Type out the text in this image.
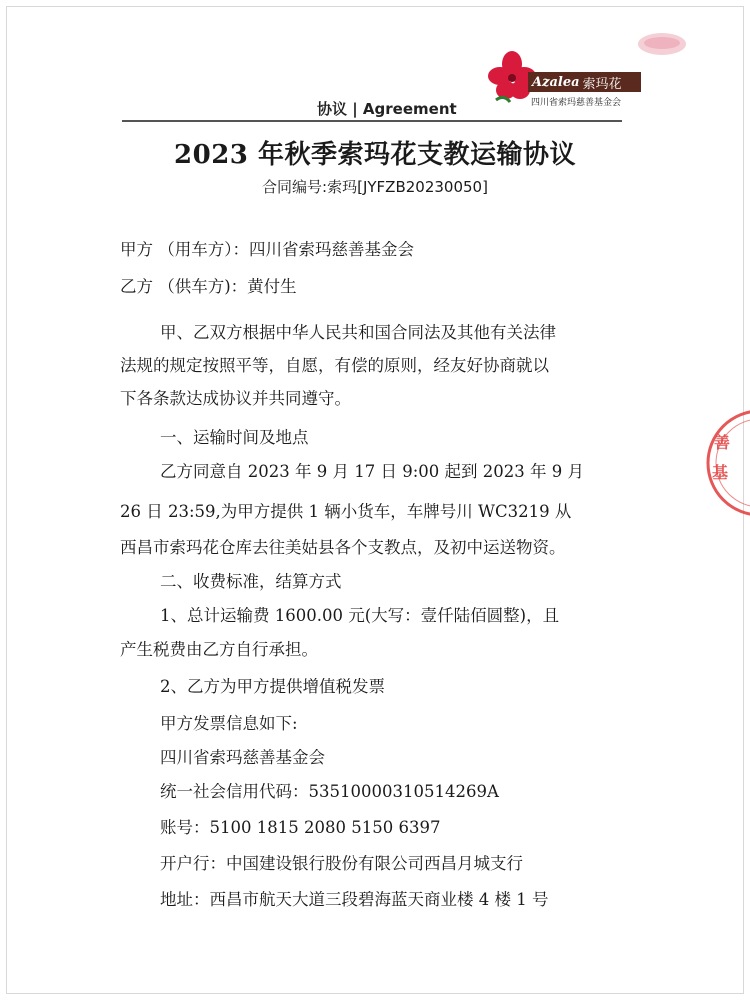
Azalea 索玛花
四川省索玛慈善基金会
协议 | Agreement
2023 年秋季索玛花支教运输协议
合同编号:索玛[JYFZB20230050]
甲方 （用车方）：四川省索玛慈善基金会
乙方 （供车方)：黄付生
甲、乙双方根据中华人民共和国合同法及其他有关法律
法规的规定按照平等，自愿，有偿的原则，经友好协商就以
下各条款达成协议并共同遵守。
一、运输时间及地点
乙方同意自 2023 年 9 月 17 日 9:00 起到 2023 年 9 月
26 日 23:59,为甲方提供 1 辆小货车，车牌号川 WC3219 从
西昌市索玛花仓库去往美姑县各个支教点，及初中运送物资。
二、收费标准，结算方式
1、总计运输费 1600.00 元(大写：壹仟陆佰圆整)，且
产生税费由乙方自行承担。
2、乙方为甲方提供增值税发票
甲方发票信息如下:
四川省索玛慈善基金会
统一社会信用代码：53510000310514269A
账号：5100 1815 2080 5150 6397
开户行：中国建设银行股份有限公司西昌月城支行
地址：西昌市航天大道三段碧海蓝天商业楼 4 楼 1 号
善
基
